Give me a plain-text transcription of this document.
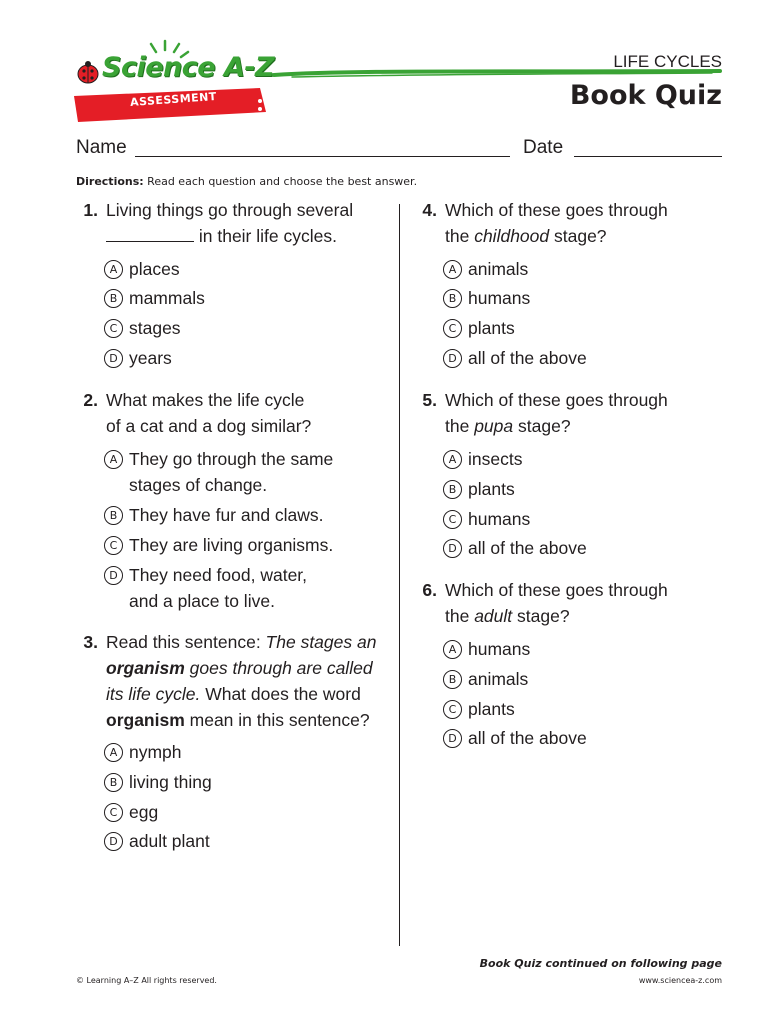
Science A-Z
ASSESSMENT
LIFE CYCLES
Book Quiz
Name	Date
Directions: Read each question and choose the best answer.
1. Living things go through several
in their life cycles.
A places
B mammals
C stages
D years
2. What makes the life cycle
of a cat and a dog similar?
A They go through the same
stages of change.
B They have fur and claws.
C They are living organisms.
D They need food, water,
and a place to live.
3. Read this sentence: The stages an
organism goes through are called
its life cycle. What does the word
organism mean in this sentence?
A nymph
B living thing
C egg
D adult plant
4. Which of these goes through
the childhood stage?
A animals
B humans
C plants
D all of the above
5. Which of these goes through
the pupa stage?
A insects
B plants
C humans
D all of the above
6. Which of these goes through
the adult stage?
A humans
B animals
C plants
D all of the above
Book Quiz continued on following page
© Learning A–Z All rights reserved.	www.sciencea-z.com
